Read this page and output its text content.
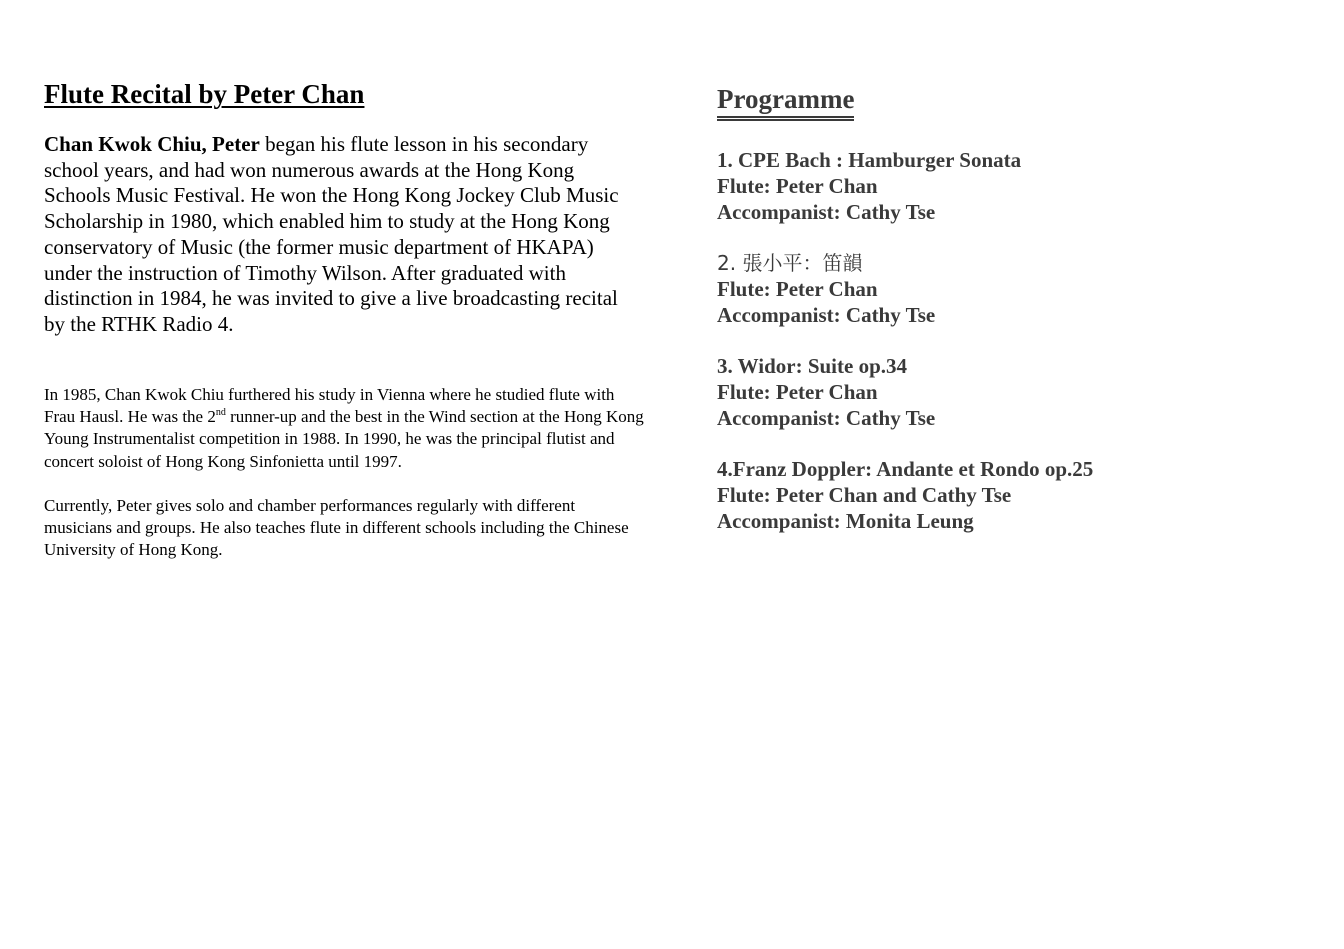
Flute Recital by Peter Chan

Chan Kwok Chiu, Peter began his flute lesson in his secondary school years, and had won numerous awards at the Hong Kong Schools Music Festival. He won the Hong Kong Jockey Club Music Scholarship in 1980, which enabled him to study at the Hong Kong conservatory of Music (the former music department of HKAPA) under the instruction of Timothy Wilson. After graduated with distinction in 1984, he was invited to give a live broadcasting recital by the RTHK Radio 4.

In 1985, Chan Kwok Chiu furthered his study in Vienna where he studied flute with Frau Hausl. He was the 2nd runner-up and the best in the Wind section at the Hong Kong Young Instrumentalist competition in 1988. In 1990, he was the principal flutist and concert soloist of Hong Kong Sinfonietta until 1997.

Currently, Peter gives solo and chamber performances regularly with different musicians and groups. He also teaches flute in different schools including the Chinese University of Hong Kong.

Programme
1. CPE Bach : Hamburger Sonata
Flute: Peter Chan
Accompanist: Cathy Tse
2. 張小平：笛韻
Flute: Peter Chan
Accompanist: Cathy Tse
3. Widor: Suite op.34
Flute: Peter Chan
Accompanist: Cathy Tse
4.Franz Doppler: Andante et Rondo op.25
Flute: Peter Chan and Cathy Tse
Accompanist: Monita Leung
